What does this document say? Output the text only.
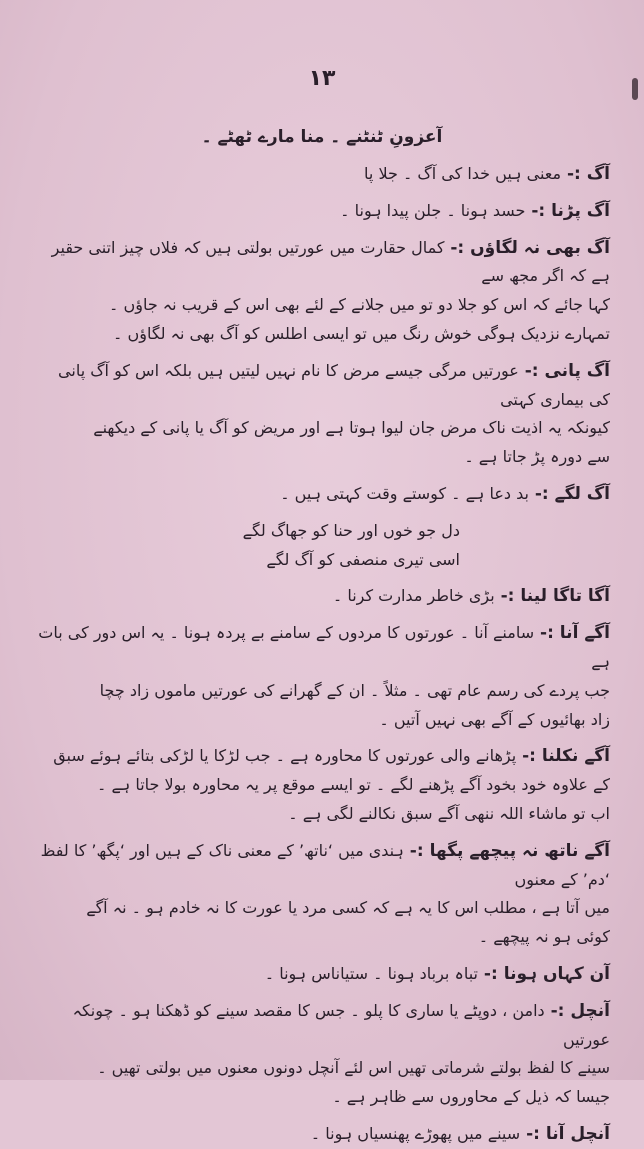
۱۳
آعزونِ ٹنٹنے ۔ منا مارے ٹھٹے ۔
آگ :- معنی ہیں خدا کی آگ ۔ جلا پا
آگ پڑنا :- حسد ہونا ۔ جلن پیدا ہونا ۔
آگ بھی نہ لگاؤں :- کمال حقارت میں عورتیں بولتی ہیں کہ فلاں چیز اتنی حقیر ہے کہ اگر مجھ سے
کہا جائے کہ اس کو جلا دو تو میں جلانے کے لئے بھی اس کے قریب نہ جاؤں ۔
تمہارے نزدیک ہوگی خوش رنگ میں تو ایسی اطلس کو آگ بھی نہ لگاؤں ۔
آگ پانی :- عورتیں مرگی جیسے مرض کا نام نہیں لیتیں ہیں بلکہ اس کو آگ پانی کی بیماری کہتی
کیونکہ یہ اذیت ناک مرض جان لیوا ہوتا ہے اور مریض کو آگ یا پانی کے دیکھنے
سے دورہ پڑ جاتا ہے ۔
آگ لگے :- بد دعا ہے ۔ کوستے وقت کہتی ہیں ۔
دل جو خوں اور حنا کو جھاگ لگے
اسی تیری منصفی کو آگ لگے
آگا تاگا لینا :- بڑی خاطر مدارت کرنا ۔
آگے آنا :- سامنے آنا ۔ عورتوں کا مردوں کے سامنے بے پردہ ہونا ۔ یہ اس دور کی بات ہے
جب پردے کی رسم عام تھی ۔ مثلاً ۔ ان کے گھرانے کی عورتیں ماموں زاد چچا
زاد بھائیوں کے آگے بھی نہیں آتیں ۔
آگے نکلنا :- پڑھانے والی عورتوں کا محاورہ ہے ۔ جب لڑکا یا لڑکی بتائے ہوئے سبق
کے علاوہ خود بخود آگے پڑھنے لگے ۔ تو ایسے موقع پر یہ محاورہ بولا جاتا ہے ۔
اب تو ماشاء اللہ ننھی آگے سبق نکالنے لگی ہے ۔
آگے ناتھ نہ پیچھے پگھا :- ہندی میں ‘ناتھ’ کے معنی ناک کے ہیں اور ‘پگھ’ کا لفظ ‘دم’ کے معنوں
میں آتا ہے ، مطلب اس کا یہ ہے کہ کسی مرد یا عورت کا نہ خادم ہو ۔ نہ آگے
کوئی ہو نہ پیچھے ۔
آن کہاں ہونا :- تباہ برباد ہونا ۔ ستیاناس ہونا ۔
آنچل :- دامن ، دوپٹے یا ساری کا پلو ۔ جس کا مقصد سینے کو ڈھکنا ہو ۔ چونکہ عورتیں
سینے کا لفظ بولتے شرماتی تھیں اس لئے آنچل دونوں معنوں میں بولتی تھیں ۔
جیسا کہ ذیل کے محاوروں سے ظاہر ہے ۔
آنچل آنا :- سینے میں پھوڑے پھنسیاں ہونا ۔
